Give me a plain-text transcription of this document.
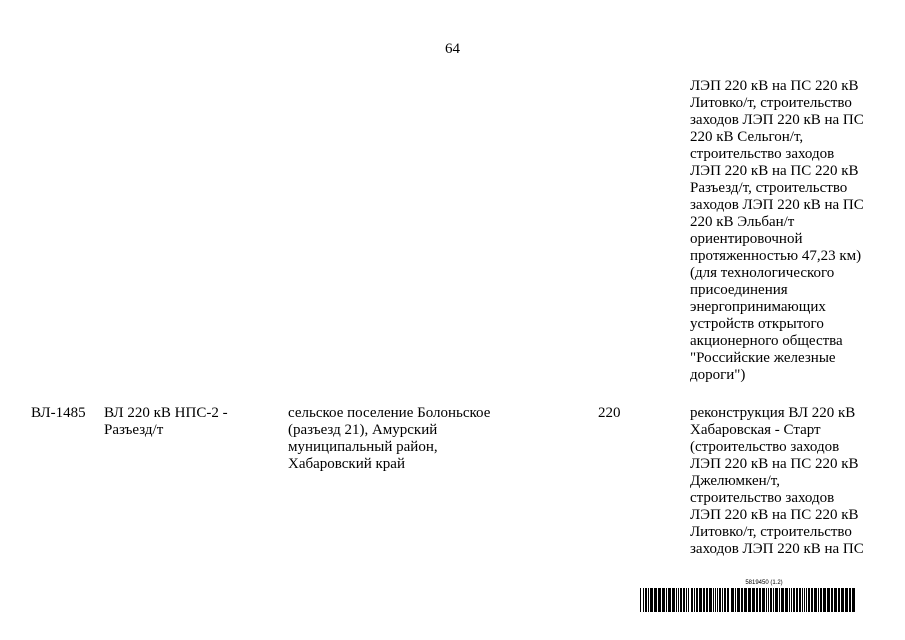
64
ЛЭП 220 кВ на ПС 220 кВ
Литовко/т, строительство
заходов ЛЭП 220 кВ на ПС
220 кВ Сельгон/т,
строительство заходов
ЛЭП 220 кВ на ПС 220 кВ
Разъезд/т, строительство
заходов ЛЭП 220 кВ на ПС
220 кВ Эльбан/т
ориентировочной
протяженностью 47,23 км)
(для технологического
присоединения
энергопринимающих
устройств открытого
акционерного общества
"Российские железные
дороги")
ВЛ-1485 ВЛ 220 кВ НПС-2 -
Разъезд/т
сельское поселение Болоньское
(разъезд 21), Амурский
муниципальный район,
Хабаровский край
220	реконструкция ВЛ 220 кВ
Хабаровская - Старт
(строительство заходов
ЛЭП 220 кВ на ПС 220 кВ
Джелюмкен/т,
строительство заходов
ЛЭП 220 кВ на ПС 220 кВ
Литовко/т, строительство
заходов ЛЭП 220 кВ на ПС
5819450 (1.2)
